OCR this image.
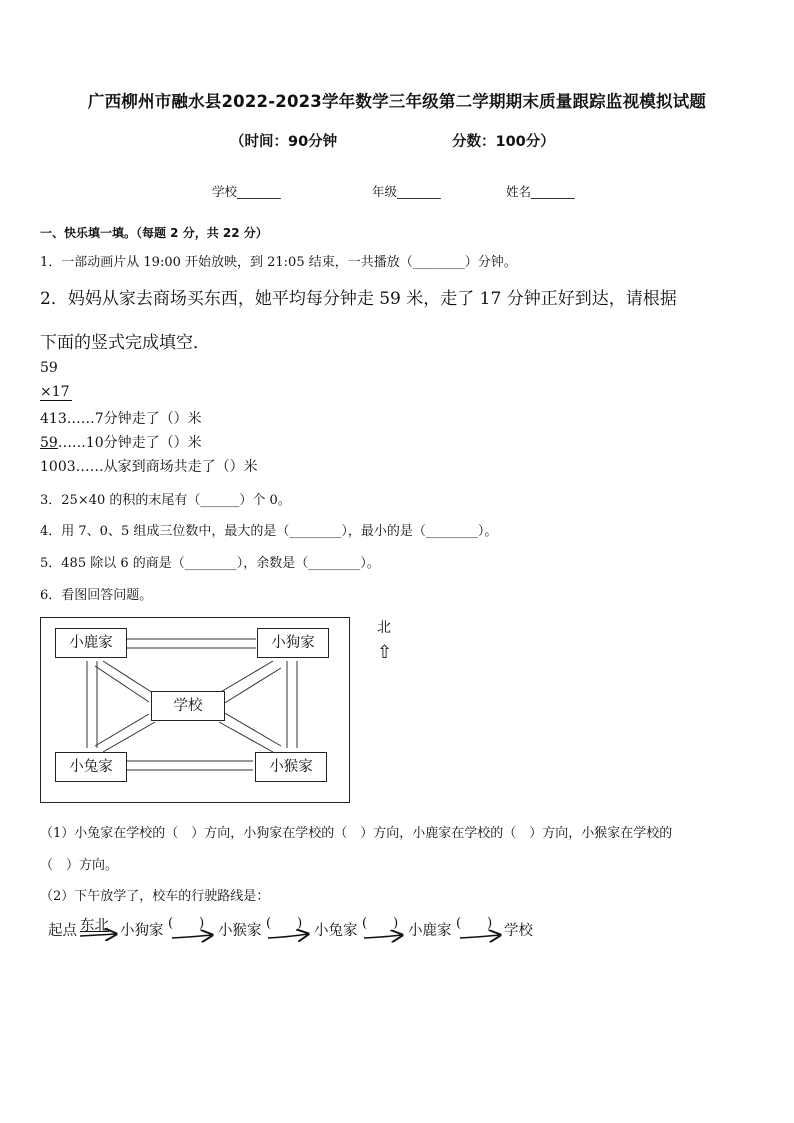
广西柳州市融水县2022-2023学年数学三年级第二学期期末质量跟踪监视模拟试题
（时间：90分钟	分数：100分）
学校_______	年级_______	姓名_______
一、快乐填一填。（每题 2 分，共 22 分）
1．一部动画片从 19:00 开始放映，到 21:05 结束，一共播放（________）分钟。
2．妈妈从家去商场买东西，她平均每分钟走 59 米，走了 17 分钟正好到达，请根据
下面的竖式完成填空．
59
×17
413……7分钟走了（）米
59……10分钟走了（）米
1003……从家到商场共走了（）米
3．25×40 的积的末尾有（______）个 0。
4．用 7、0、5 组成三位数中，最大的是（________），最小的是（________）。
5．485 除以 6 的商是（________），余数是（________）。
6．看图回答问题。
小鹿家	小狗家
学校
小兔家	小猴家
北
⇧
（1）小兔家在学校的（　）方向，小狗家在学校的（　）方向，小鹿家在学校的（　）方向，小猴家在学校的
（　）方向。
（2）下午放学了，校车的行驶路线是：
起点 东北 小狗家 (　　) 小猴家 (　　) 小兔家 (　　) 小鹿家 (　　) 学校
